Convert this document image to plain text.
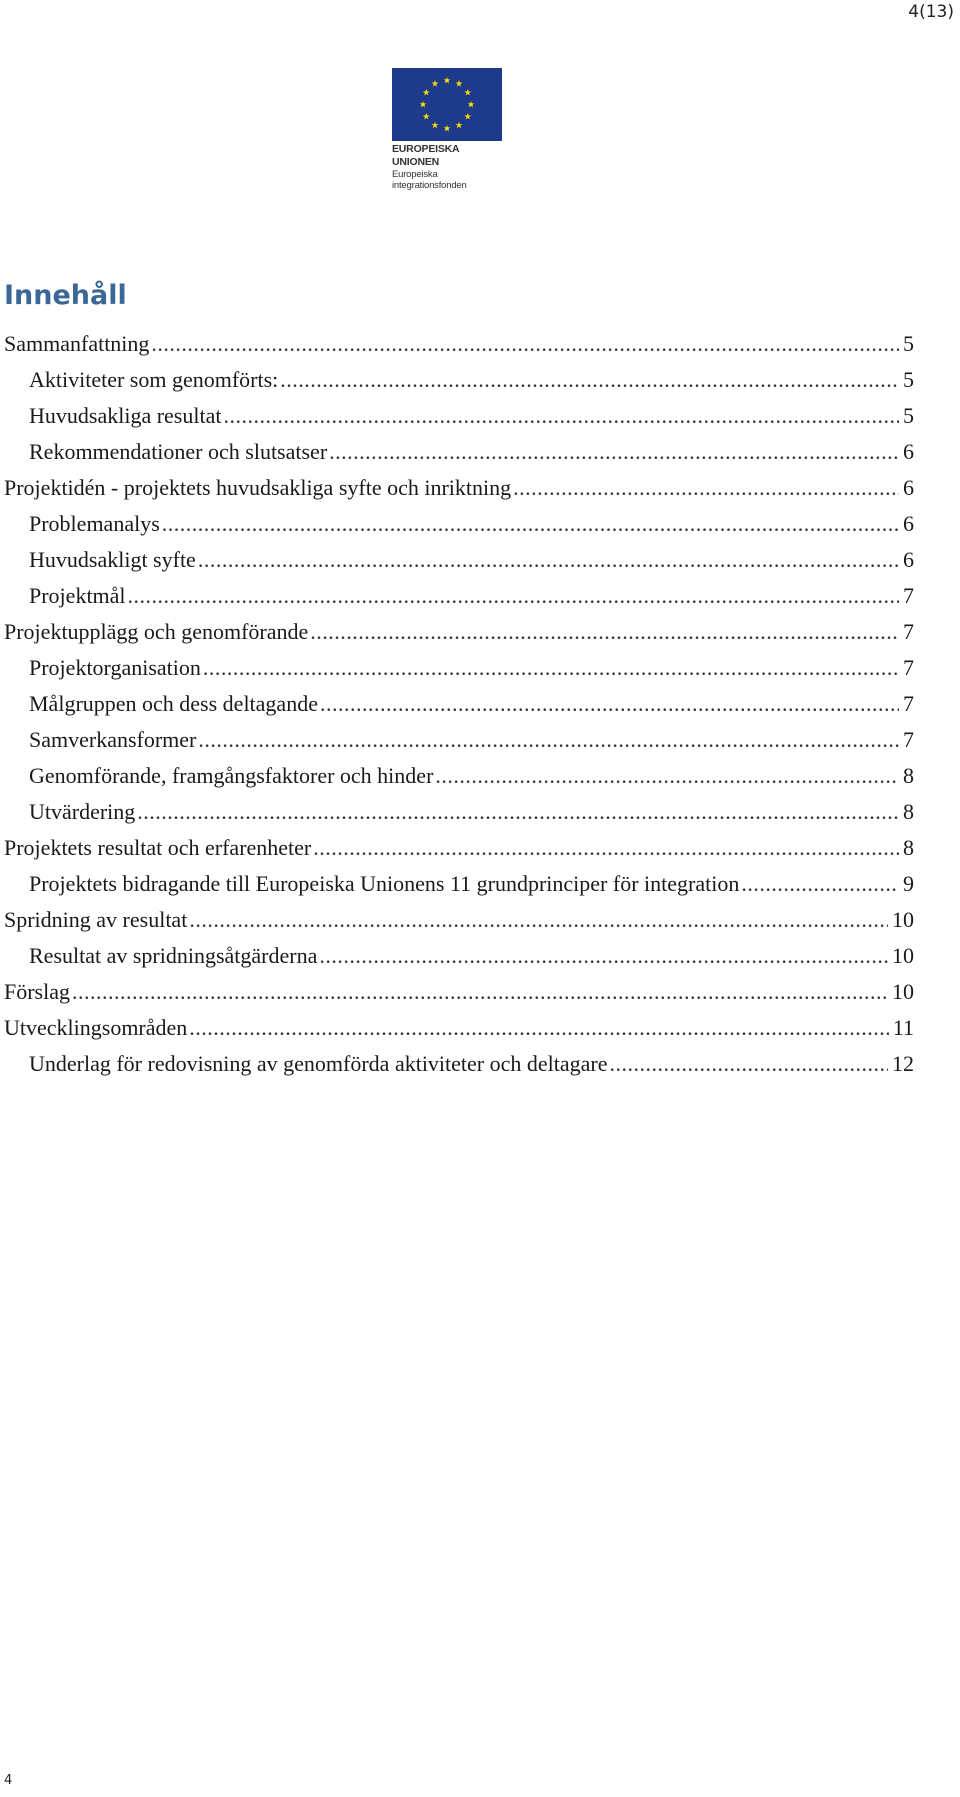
4(13)
EUROPEISKA UNIONEN
Europeiska integrationsfonden
Innehåll
Sammanfattning .....	5
Aktiviteter som genomförts: .....	5
Huvudsakliga resultat .....	5
Rekommendationer och slutsatser .....	6
Projektidén - projektets huvudsakliga syfte och inriktning .....	6
Problemanalys .....	6
Huvudsakligt syfte .....	6
Projektmål .....	7
Projektupplägg och genomförande .....	7
Projektorganisation .....	7
Målgruppen och dess deltagande .....	7
Samverkansformer .....	7
Genomförande, framgångsfaktorer och hinder .....	8
Utvärdering .....	8
Projektets resultat och erfarenheter .....	8
Projektets bidragande till Europeiska Unionens 11 grundprinciper för integration .....	9
Spridning av resultat .....	10
Resultat av spridningsåtgärderna .....	10
Förslag .....	10
Utvecklingsområden .....	11
Underlag för redovisning av genomförda aktiviteter och deltagare .....	12
4
